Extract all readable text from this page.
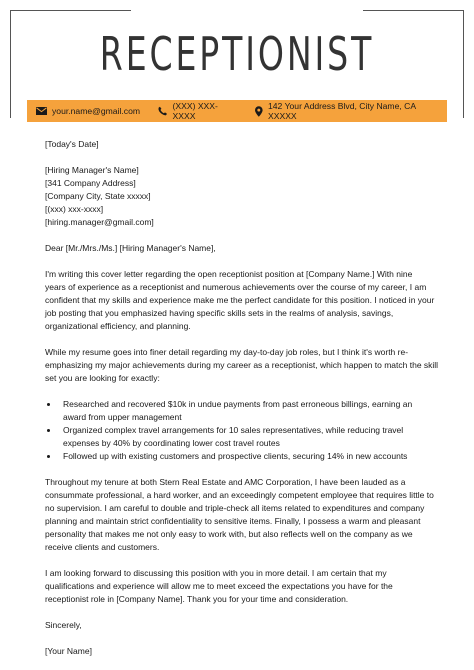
RECEPTIONIST
your.name@gmail.com	(XXX) XXX-XXXX
142 Your Address Blvd, City Name, CA XXXXX
[Today's Date]
[Hiring Manager's Name]
[341 Company Address]
[Company City, State xxxxx]
[(xxx) xxx-xxxx]
[hiring.manager@gmail.com]
Dear [Mr./Mrs./Ms.] [Hiring Manager's Name],
I'm writing this cover letter regarding the open receptionist position at [Company Name.] With nine
years of experience as a receptionist and numerous achievements over the course of my career, I am
confident that my skills and experience make me the perfect candidate for this position. I noticed in your
job posting that you emphasized having specific skills sets in the realms of analysis, savings,
organizational efficiency, and planning.
While my resume goes into finer detail regarding my day-to-day job roles, but I think it's worth re-
emphasizing my major achievements during my career as a receptionist, which happen to match the skill
set you are looking for exactly:
• Researched and recovered $10k in undue payments from past erroneous billings, earning an
award from upper management
• Organized complex travel arrangements for 10 sales representatives, while reducing travel
expenses by 40% by coordinating lower cost travel routes
• Followed up with existing customers and prospective clients, securing 14% in new accounts
Throughout my tenure at both Stern Real Estate and AMC Corporation, I have been lauded as a
consummate professional, a hard worker, and an exceedingly competent employee that requires little to
no supervision. I am careful to double and triple-check all items related to expenditures and company
planning and maintain strict confidentiality to sensitive items. Finally, I possess a warm and pleasant
personality that makes me not only easy to work with, but also reflects well on the company as we
receive clients and customers.
I am looking forward to discussing this position with you in more detail. I am certain that my
qualifications and experience will allow me to meet exceed the expectations you have for the
receptionist role in [Company Name]. Thank you for your time and consideration.
Sincerely,
[Your Name]
